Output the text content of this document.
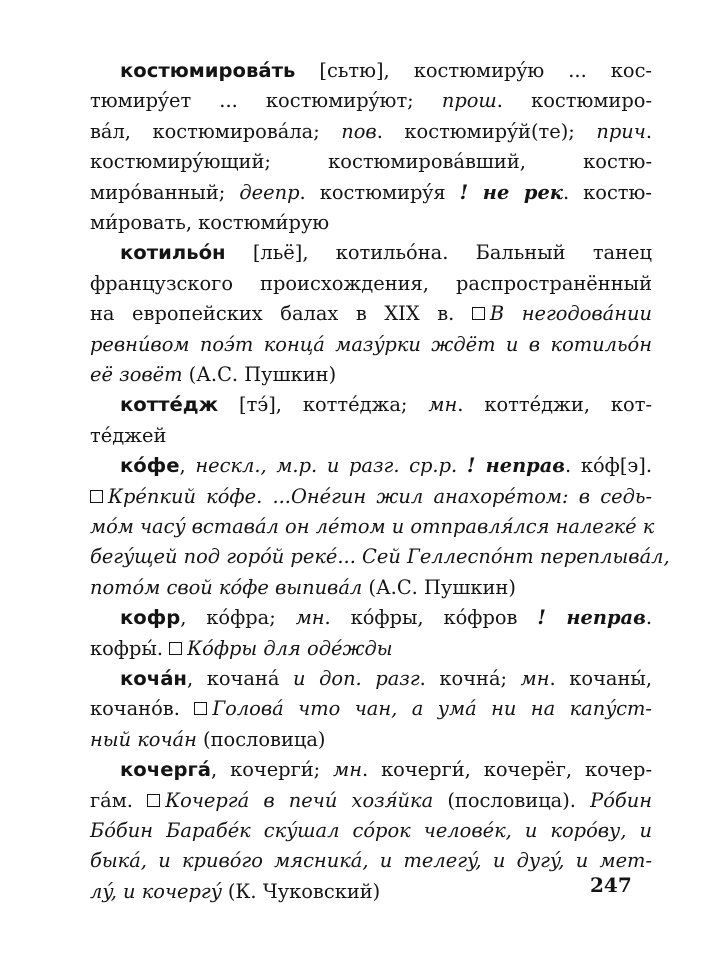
костюмировáть [сьтю], костюмирýю ... кос-
тюмирýет ... костюмирýют; прош. костюмиро-
вáл, костюмировáла; пов. костюмирýй(те); прич.
костюмирýющий; костюмировáвший, костю-
мирóванный; деепр. костюмирýя ! не рек. костю-
ми́ровать, костюми́рую
котильóн [льё], котильóна. Бальный танец
французского происхождения, распространённый
на европейских балах в XIX в. В негодовáнии
ревни́вом поэ́т концá мазýрки ждёт и в котильóн
её зовёт (А.С. Пушкин)
коттéдж [тэ́], коттéджа; мн. коттéджи, кот-
тéджей
кóфе, нескл., м.р. и разг. ср.р. ! неправ. кóф[э].
Крéпкий кóфе. ...Онéгин жил анахорéтом: в седь-
мóм часý вставáл он лéтом и отправля́лся налегкé к
бегýщей под горóй рекé... Сей Геллеспóнт переплывáл,
потóм свой кóфе выпивáл (А.С. Пушкин)
кофр, кóфра; мн. кóфры, кóфров ! неправ.
кофры́. Кóфры для одéжды
кочáн, кочанá и доп. разг. кочнá; мн. кочаны́,
кочанóв. Головá что чан, а умá ни на капýст-
ный кочáн (пословица)
кочергá, кочерги́; мн. кочерги́, кочерёг, кочер-
гáм. Кочергá в печи́ хозя́йка (пословица). Рóбин
Бóбин Барабéк скýшал сóрок человéк, и корóву, и
быкá, и кривóго мясникá, и телегý, и дугý, и мет-
лý, и кочергý (К. Чуковский)	247
